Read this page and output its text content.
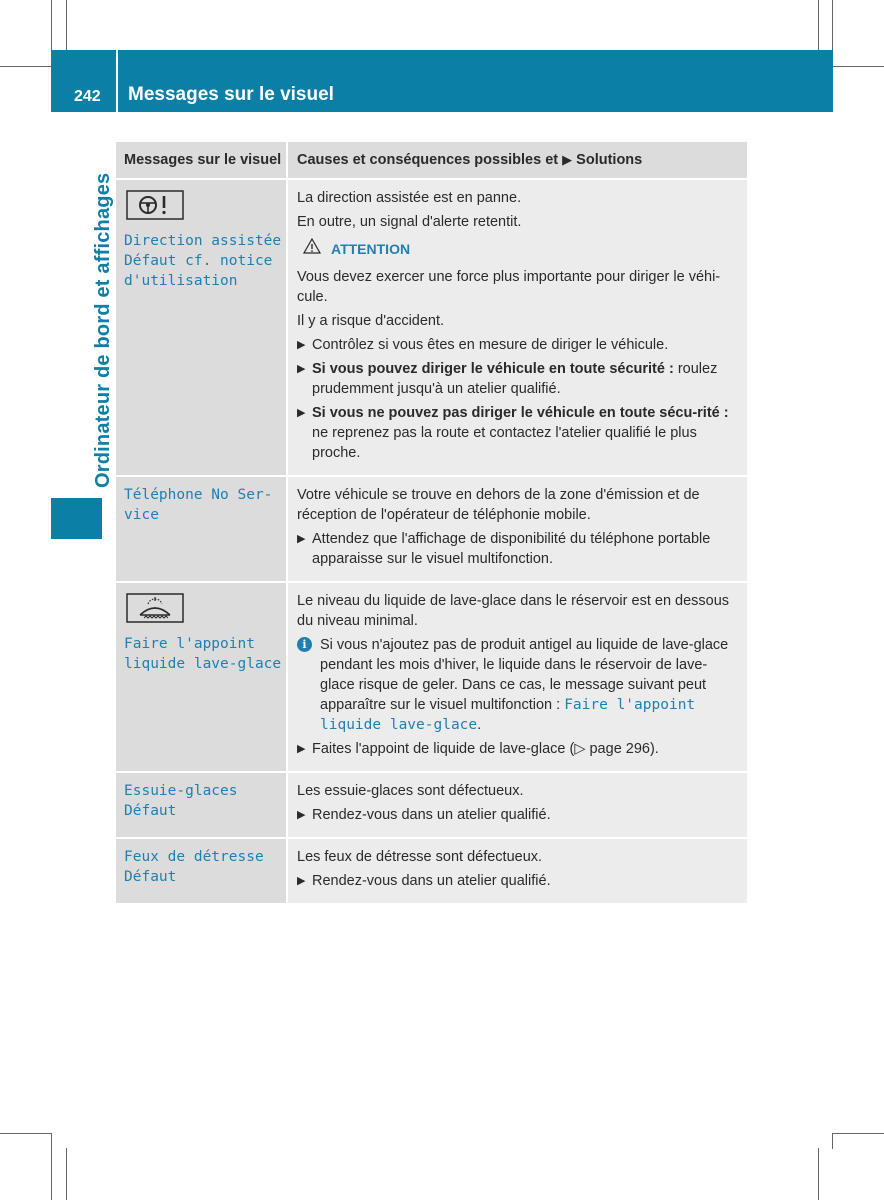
242 Messages sur le visuel
Ordinateur de bord et affichages
Messages sur le visuel	Causes et conséquences possibles et ▶ Solutions
Direction assistée
Défaut cf. notice
d'utilisation

La direction assistée est en panne.

En outre, un signal d'alerte retentit.

ATTENTION

Vous devez exercer une force plus importante pour diriger le véhi-cule.

Il y a risque d'accident.

▶ Contrôlez si vous êtes en mesure de diriger le véhicule.
▶ Si vous pouvez diriger le véhicule en toute sécurité : roulez prudemment jusqu'à un atelier qualifié.
▶ Si vous ne pouvez pas diriger le véhicule en toute sécu-rité : ne reprenez pas la route et contactez l'atelier qualifié le plus proche.
Téléphone No Ser-
vice

Votre véhicule se trouve en dehors de la zone d'émission et de réception de l'opérateur de téléphonie mobile.

▶ Attendez que l'affichage de disponibilité du téléphone portable apparaisse sur le visuel multifonction.
Faire l'appoint
liquide lave-glace

Le niveau du liquide de lave-glace dans le réservoir est en dessous du niveau minimal.

i Si vous n'ajoutez pas de produit antigel au liquide de lave-glace pendant les mois d'hiver, le liquide dans le réservoir de lave-glace risque de geler. Dans ce cas, le message suivant peut apparaître sur le visuel multifonction : Faire l'appoint liquide lave-glace.
▶ Faites l'appoint de liquide de lave-glace (▷ page 296).
Essuie-glaces
Défaut

Les essuie-glaces sont défectueux.

▶ Rendez-vous dans un atelier qualifié.
Feux de détresse
Défaut

Les feux de détresse sont défectueux.

▶ Rendez-vous dans un atelier qualifié.
